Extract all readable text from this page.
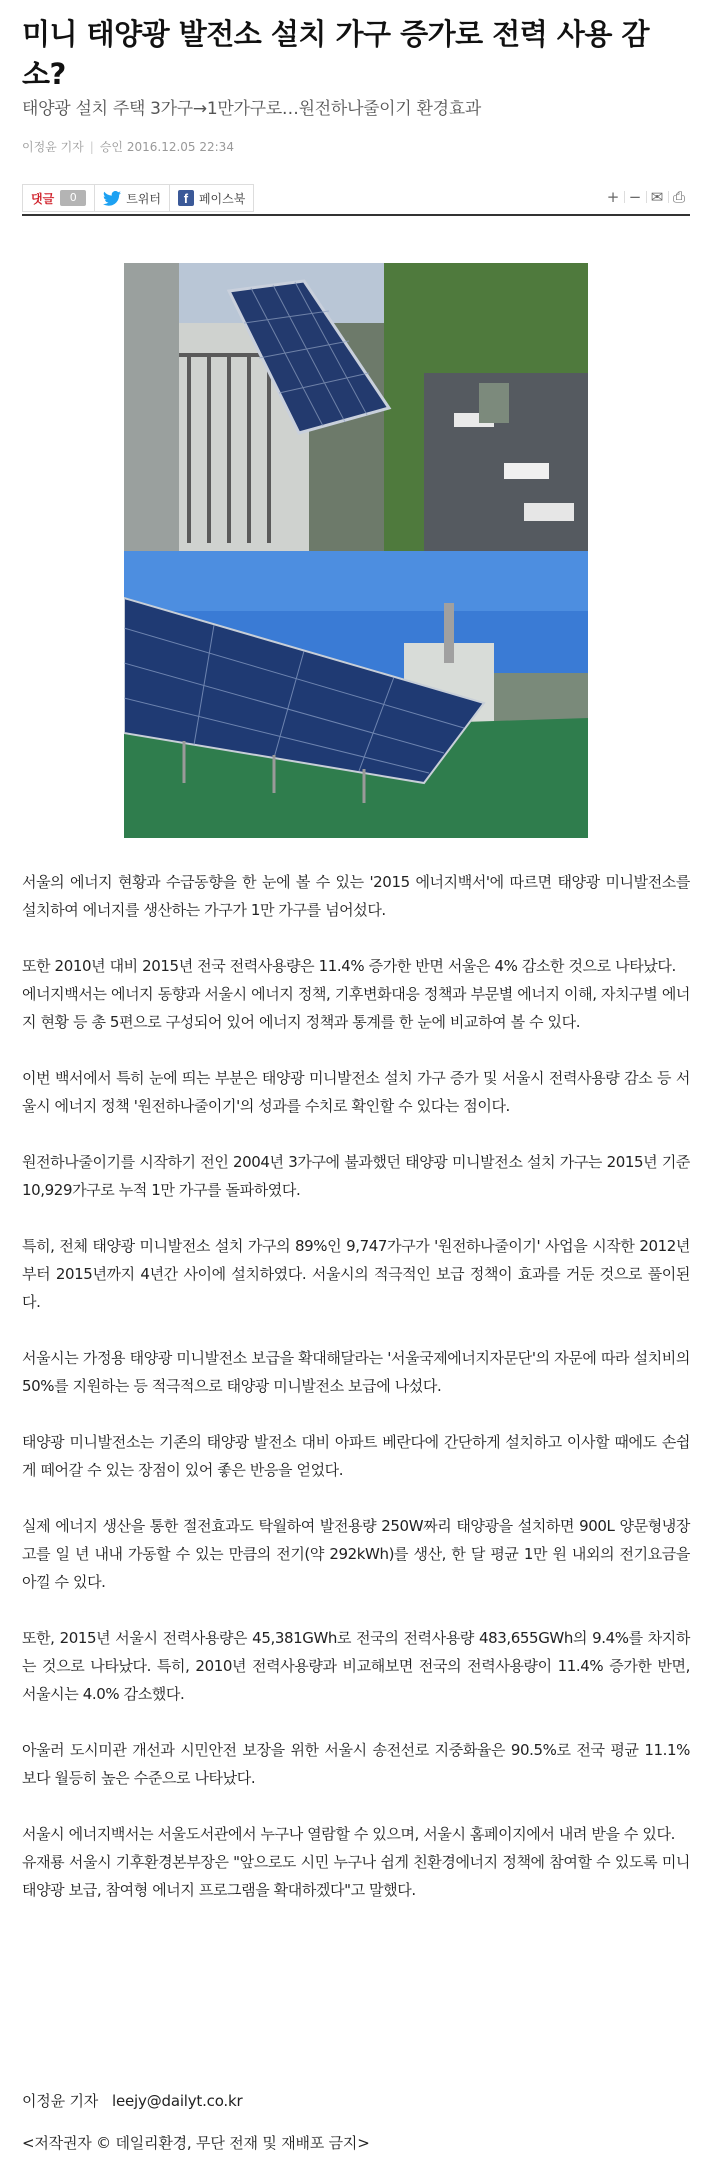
미니 태양광 발전소 설치 가구 증가로 전력 사용 감소?
태양광 설치 주택 3가구→1만가구로…원전하나줄이기 환경효과
이정윤 기자 | 승인 2016.12.05 22:34
댓글	0	트위터	f 페이스북	+ − ✉ ⎙

서울의 에너지 현황과 수급동향을 한 눈에 볼 수 있는 '2015 에너지백서'에 따르면 태양광 미니발전소를 설치하여 에너지를 생산하는 가구가 1만 가구를 넘어섰다.

또한 2010년 대비 2015년 전국 전력사용량은 11.4% 증가한 반면 서울은 4% 감소한 것으로 나타났다.

에너지백서는 에너지 동향과 서울시 에너지 정책, 기후변화대응 정책과 부문별 에너지 이해, 자치구별 에너지 현황 등 총 5편으로 구성되어 있어 에너지 정책과 통계를 한 눈에 비교하여 볼 수 있다.

이번 백서에서 특히 눈에 띄는 부분은 태양광 미니발전소 설치 가구 증가 및 서울시 전력사용량 감소 등 서울시 에너지 정책 '원전하나줄이기'의 성과를 수치로 확인할 수 있다는 점이다.

원전하나줄이기를 시작하기 전인 2004년 3가구에 불과했던 태양광 미니발전소 설치 가구는 2015년 기준 10,929가구로 누적 1만 가구를 돌파하였다.

특히, 전체 태양광 미니발전소 설치 가구의 89%인 9,747가구가 '원전하나줄이기' 사업을 시작한 2012년부터 2015년까지 4년간 사이에 설치하였다. 서울시의 적극적인 보급 정책이 효과를 거둔 것으로 풀이된다.

서울시는 가정용 태양광 미니발전소 보급을 확대해달라는 '서울국제에너지자문단'의 자문에 따라 설치비의 50%를 지원하는 등 적극적으로 태양광 미니발전소 보급에 나섰다.

태양광 미니발전소는 기존의 태양광 발전소 대비 아파트 베란다에 간단하게 설치하고 이사할 때에도 손쉽게 떼어갈 수 있는 장점이 있어 좋은 반응을 얻었다.

실제 에너지 생산을 통한 절전효과도 탁월하여 발전용량 250W짜리 태양광을 설치하면 900L 양문형냉장고를 일 년 내내 가동할 수 있는 만큼의 전기(약 292kWh)를 생산, 한 달 평균 1만 원 내외의 전기요금을 아낄 수 있다.

또한, 2015년 서울시 전력사용량은 45,381GWh로 전국의 전력사용량 483,655GWh의 9.4%를 차지하는 것으로 나타났다. 특히, 2010년 전력사용량과 비교해보면 전국의 전력사용량이 11.4% 증가한 반면, 서울시는 4.0% 감소했다.

아울러 도시미관 개선과 시민안전 보장을 위한 서울시 송전선로 지중화율은 90.5%로 전국 평균 11.1% 보다 월등히 높은 수준으로 나타났다.

서울시 에너지백서는 서울도서관에서 누구나 열람할 수 있으며, 서울시 홈페이지에서 내려 받을 수 있다.

유재룡 서울시 기후환경본부장은 "앞으로도 시민 누구나 쉽게 친환경에너지 정책에 참여할 수 있도록 미니태양광 보급, 참여형 에너지 프로그램을 확대하겠다"고 말했다.

이정윤 기자 leejy@dailyt.co.kr
<저작권자 © 데일리환경, 무단 전재 및 재배포 금지>
